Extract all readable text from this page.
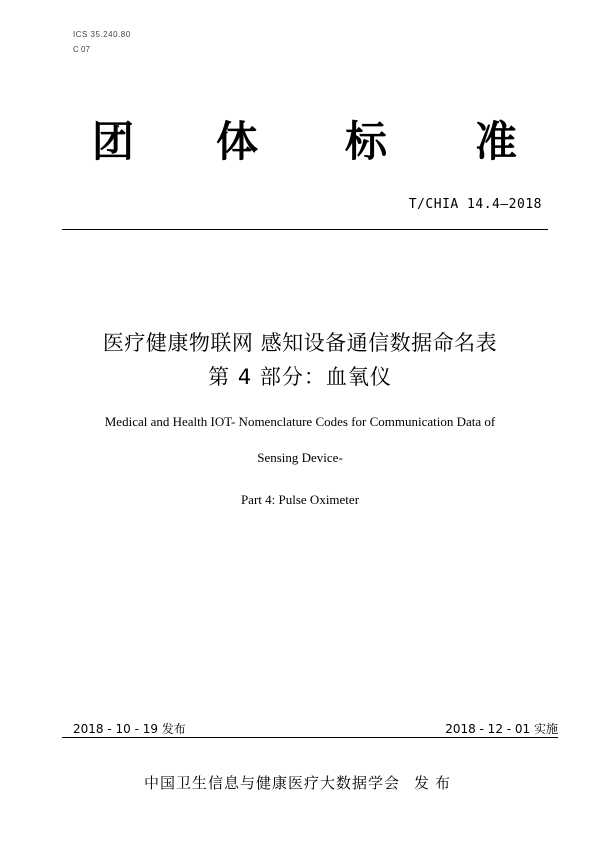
ICS 35.240.80
C 07
团 体 标 准
T/CHIA 14.4—2018
医疗健康物联网 感知设备通信数据命名表
第 4 部分：血氧仪
Medical and Health IOT- Nomenclature Codes for Communication Data of
Sensing Device-
Part 4: Pulse Oximeter
2018 - 10 - 19 发布	2018 - 12 - 01 实施
中国卫生信息与健康医疗大数据学会 发布
